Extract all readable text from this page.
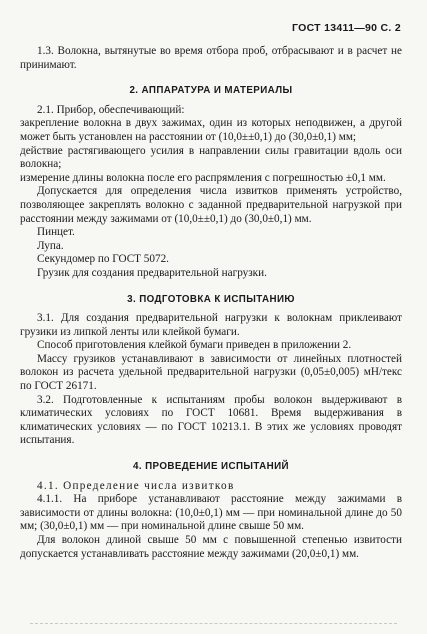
ГОСТ 13411—90 С. 2

1.3. Волокна, вытянутые во время отбора проб, отбрасывают и в расчет не принимают.

2. АППАРАТУРА И МАТЕРИАЛЫ

2.1. Прибор, обеспечивающий:

закрепление волокна в двух зажимах, один из которых неподвижен, а другой может быть установлен на расстоянии от (10,0±±0,1) до (30,0±0,1) мм;

действие растягивающего усилия в направлении силы гравитации вдоль оси волокна;

измерение длины волокна после его распрямления с погрешностью ±0,1 мм.

Допускается для определения числа извитков применять устройство, позволяющее закреплять волокно с заданной предварительной нагрузкой при расстоянии между зажимами от (10,0±±0,1) до (30,0±0,1) мм.

Пинцет.

Лупа.

Секундомер по ГОСТ 5072.

Грузик для создания предварительной нагрузки.

3. ПОДГОТОВКА К ИСПЫТАНИЮ

3.1. Для создания предварительной нагрузки к волокнам приклеивают грузики из липкой ленты или клейкой бумаги.

Способ приготовления клейкой бумаги приведен в приложении 2.

Массу грузиков устанавливают в зависимости от линейных плотностей волокон из расчета удельной предварительной нагрузки (0,05±0,005) мН/текс по ГОСТ 26171.

3.2. Подготовленные к испытаниям пробы волокон выдерживают в климатических условиях по ГОСТ 10681. Время выдерживания в климатических условиях — по ГОСТ 10213.1. В этих же условиях проводят испытания.

4. ПРОВЕДЕНИЕ ИСПЫТАНИЙ

4.1. Определение числа извитков

4.1.1. На приборе устанавливают расстояние между зажимами в зависимости от длины волокна: (10,0±0,1) мм — при номинальной длине до 50 мм; (30,0±0,1) мм — при номинальной длине свыше 50 мм.

Для волокон длиной свыше 50 мм с повышенной степенью извитости допускается устанавливать расстояние между зажимами (20,0±0,1) мм.
